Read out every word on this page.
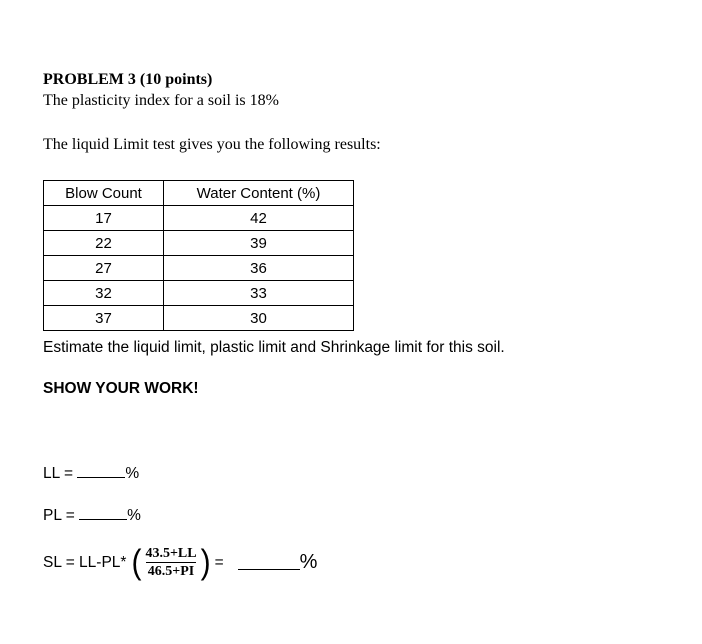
PROBLEM 3 (10 points)
The plasticity index for a soil is 18%
The liquid Limit test gives you the following results:
Blow Count	Water Content (%)
17	42
22	39
27	36
32	33
37	30
Estimate the liquid limit, plastic limit and Shrinkage limit for this soil.
SHOW YOUR WORK!
LL =	%
PL =	%
SL = LL-PL* ( $\frac{43.5+LL}{46.5+PI}$ ) =	%
